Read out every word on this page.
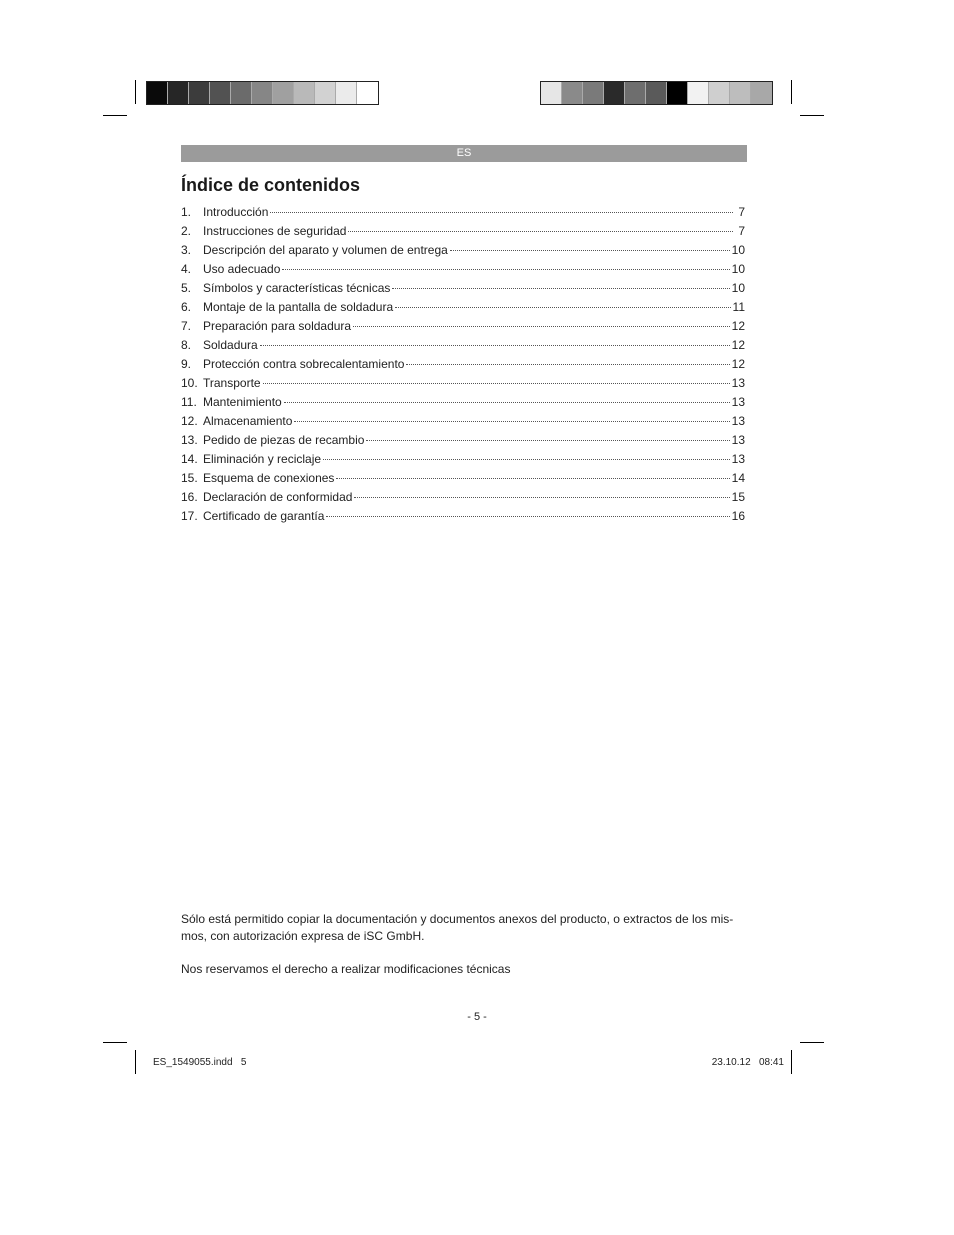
ES
Índice de contenidos
1. Introducción	7
2. Instrucciones de seguridad	7
3. Descripción del aparato y volumen de entrega	10
4. Uso adecuado	10
5. Símbolos y características técnicas	10
6. Montaje de la pantalla de soldadura	11
7. Preparación para soldadura	12
8. Soldadura	12
9. Protección contra sobrecalentamiento	12
10. Transporte	13
11. Mantenimiento	13
12. Almacenamiento	13
13. Pedido de piezas de recambio	13
14. Eliminación y reciclaje	13
15. Esquema de conexiones	14
16. Declaración de conformidad	15
17. Certificado de garantía	16

Sólo está permitido copiar la documentación y documentos anexos del producto, o extractos de los mis-mos, con autorización expresa de iSC GmbH.

Nos reservamos el derecho a realizar modificaciones técnicas

- 5 -
ES_1549055.indd   5	23.10.12   08:41
